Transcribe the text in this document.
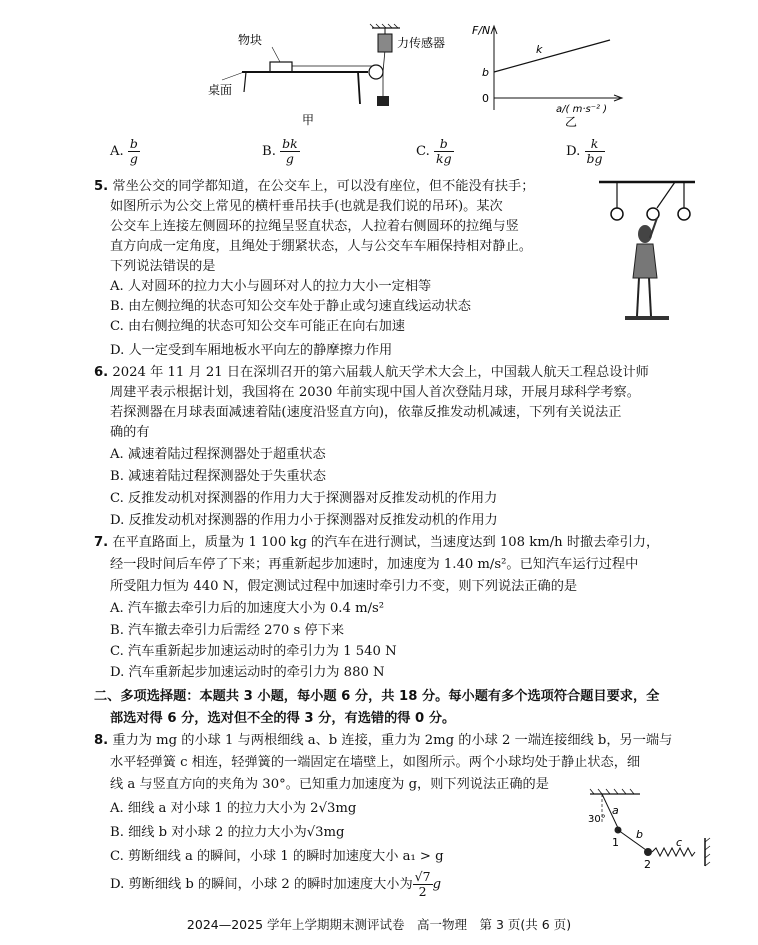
物块	力传感器
桌面
甲
F/N
k
b
0
a/( m·s⁻² )
乙
A. $\frac{b}{g}$	B. $\frac{bk}{g}$	C. $\frac{b}{kg}$	D. $\frac{k}{bg}$
5. 常坐公交的同学都知道，在公交车上，可以没有座位，但不能没有扶手；
如图所示为公交上常见的横杆垂吊扶手(也就是我们说的吊环)。某次
公交车上连接左侧圆环的拉绳呈竖直状态，人拉着右侧圆环的拉绳与竖
直方向成一定角度，且绳处于绷紧状态，人与公交车车厢保持相对静止。
下列说法错误的是
A. 人对圆环的拉力大小与圆环对人的拉力大小一定相等
B. 由左侧拉绳的状态可知公交车处于静止或匀速直线运动状态
C. 由右侧拉绳的状态可知公交车可能正在向右加速
D. 人一定受到车厢地板水平向左的静摩擦力作用
6. 2024 年 11 月 21 日在深圳召开的第六届载人航天学术大会上，中国载人航天工程总设计师
周建平表示根据计划，我国将在 2030 年前实现中国人首次登陆月球，开展月球科学考察。
若探测器在月球表面减速着陆(速度沿竖直方向)，依靠反推发动机减速，下列有关说法正
确的有
A. 减速着陆过程探测器处于超重状态
B. 减速着陆过程探测器处于失重状态
C. 反推发动机对探测器的作用力大于探测器对反推发动机的作用力
D. 反推发动机对探测器的作用力小于探测器对反推发动机的作用力
7. 在平直路面上，质量为 1 100 kg 的汽车在进行测试，当速度达到 108 km/h 时撤去牵引力，
经一段时间后车停了下来；再重新起步加速时，加速度为 1.40 m/s²。已知汽车运行过程中
所受阻力恒为 440 N，假定测试过程中加速时牵引力不变，则下列说法正确的是
A. 汽车撤去牵引力后的加速度大小为 0.4 m/s²
B. 汽车撤去牵引力后需经 270 s 停下来
C. 汽车重新起步加速运动时的牵引力为 1 540 N
D. 汽车重新起步加速运动时的牵引力为 880 N
二、多项选择题：本题共 3 小题，每小题 6 分，共 18 分。每小题有多个选项符合题目要求，全
部选对得 6 分，选对但不全的得 3 分，有选错的得 0 分。
8. 重力为 mg 的小球 1 与两根细线 a、b 连接，重力为 2mg 的小球 2 一端连接细线 b，另一端与
水平轻弹簧 c 相连，轻弹簧的一端固定在墙壁上，如图所示。两个小球均处于静止状态，细
线 a 与竖直方向的夹角为 30°。已知重力加速度为 g，则下列说法正确的是
A. 细线 a 对小球 1 的拉力大小为 2√3mg
B. 细线 b 对小球 2 的拉力大小为√3mg
C. 剪断细线 a 的瞬间，小球 1 的瞬时加速度大小 a₁ > g
D. 剪断细线 b 的瞬间，小球 2 的瞬时加速度大小为 $\frac{√7}{2}$ g
a
30°
b
c
1
2
2024—2025 学年上学期期末测评试卷　高一物理　第 3 页(共 6 页)
